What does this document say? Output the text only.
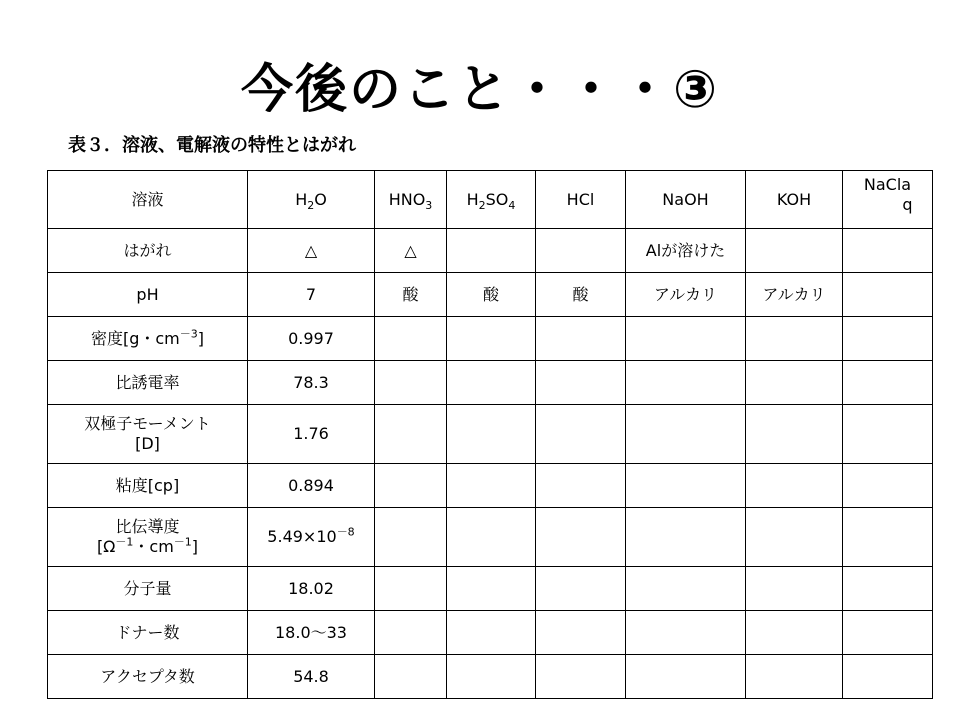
今後のこと・・・③
表３．溶液、電解液の特性とはがれ
溶液	$H_2O$	$HNO_3$	$H_2SO_4$	HCl	NaOH	KOH	NaCla
q

はがれ	△	△			Alが溶けた		
pH	7	酸	酸	酸	アルカリ	アルカリ	
密度[g・$cm^{-3}$]	0.997						
比誘電率	78.3						

双極子モーメント
[D]	1.76						
粘度[cp]	0.894						

比伝導度
[$\Omega^{-1}$・$cm^{-1}$]	$5.49\times 10^{-8}$						
分子量	18.02						
ドナー数	18.0～33						
アクセプタ数	54.8						
